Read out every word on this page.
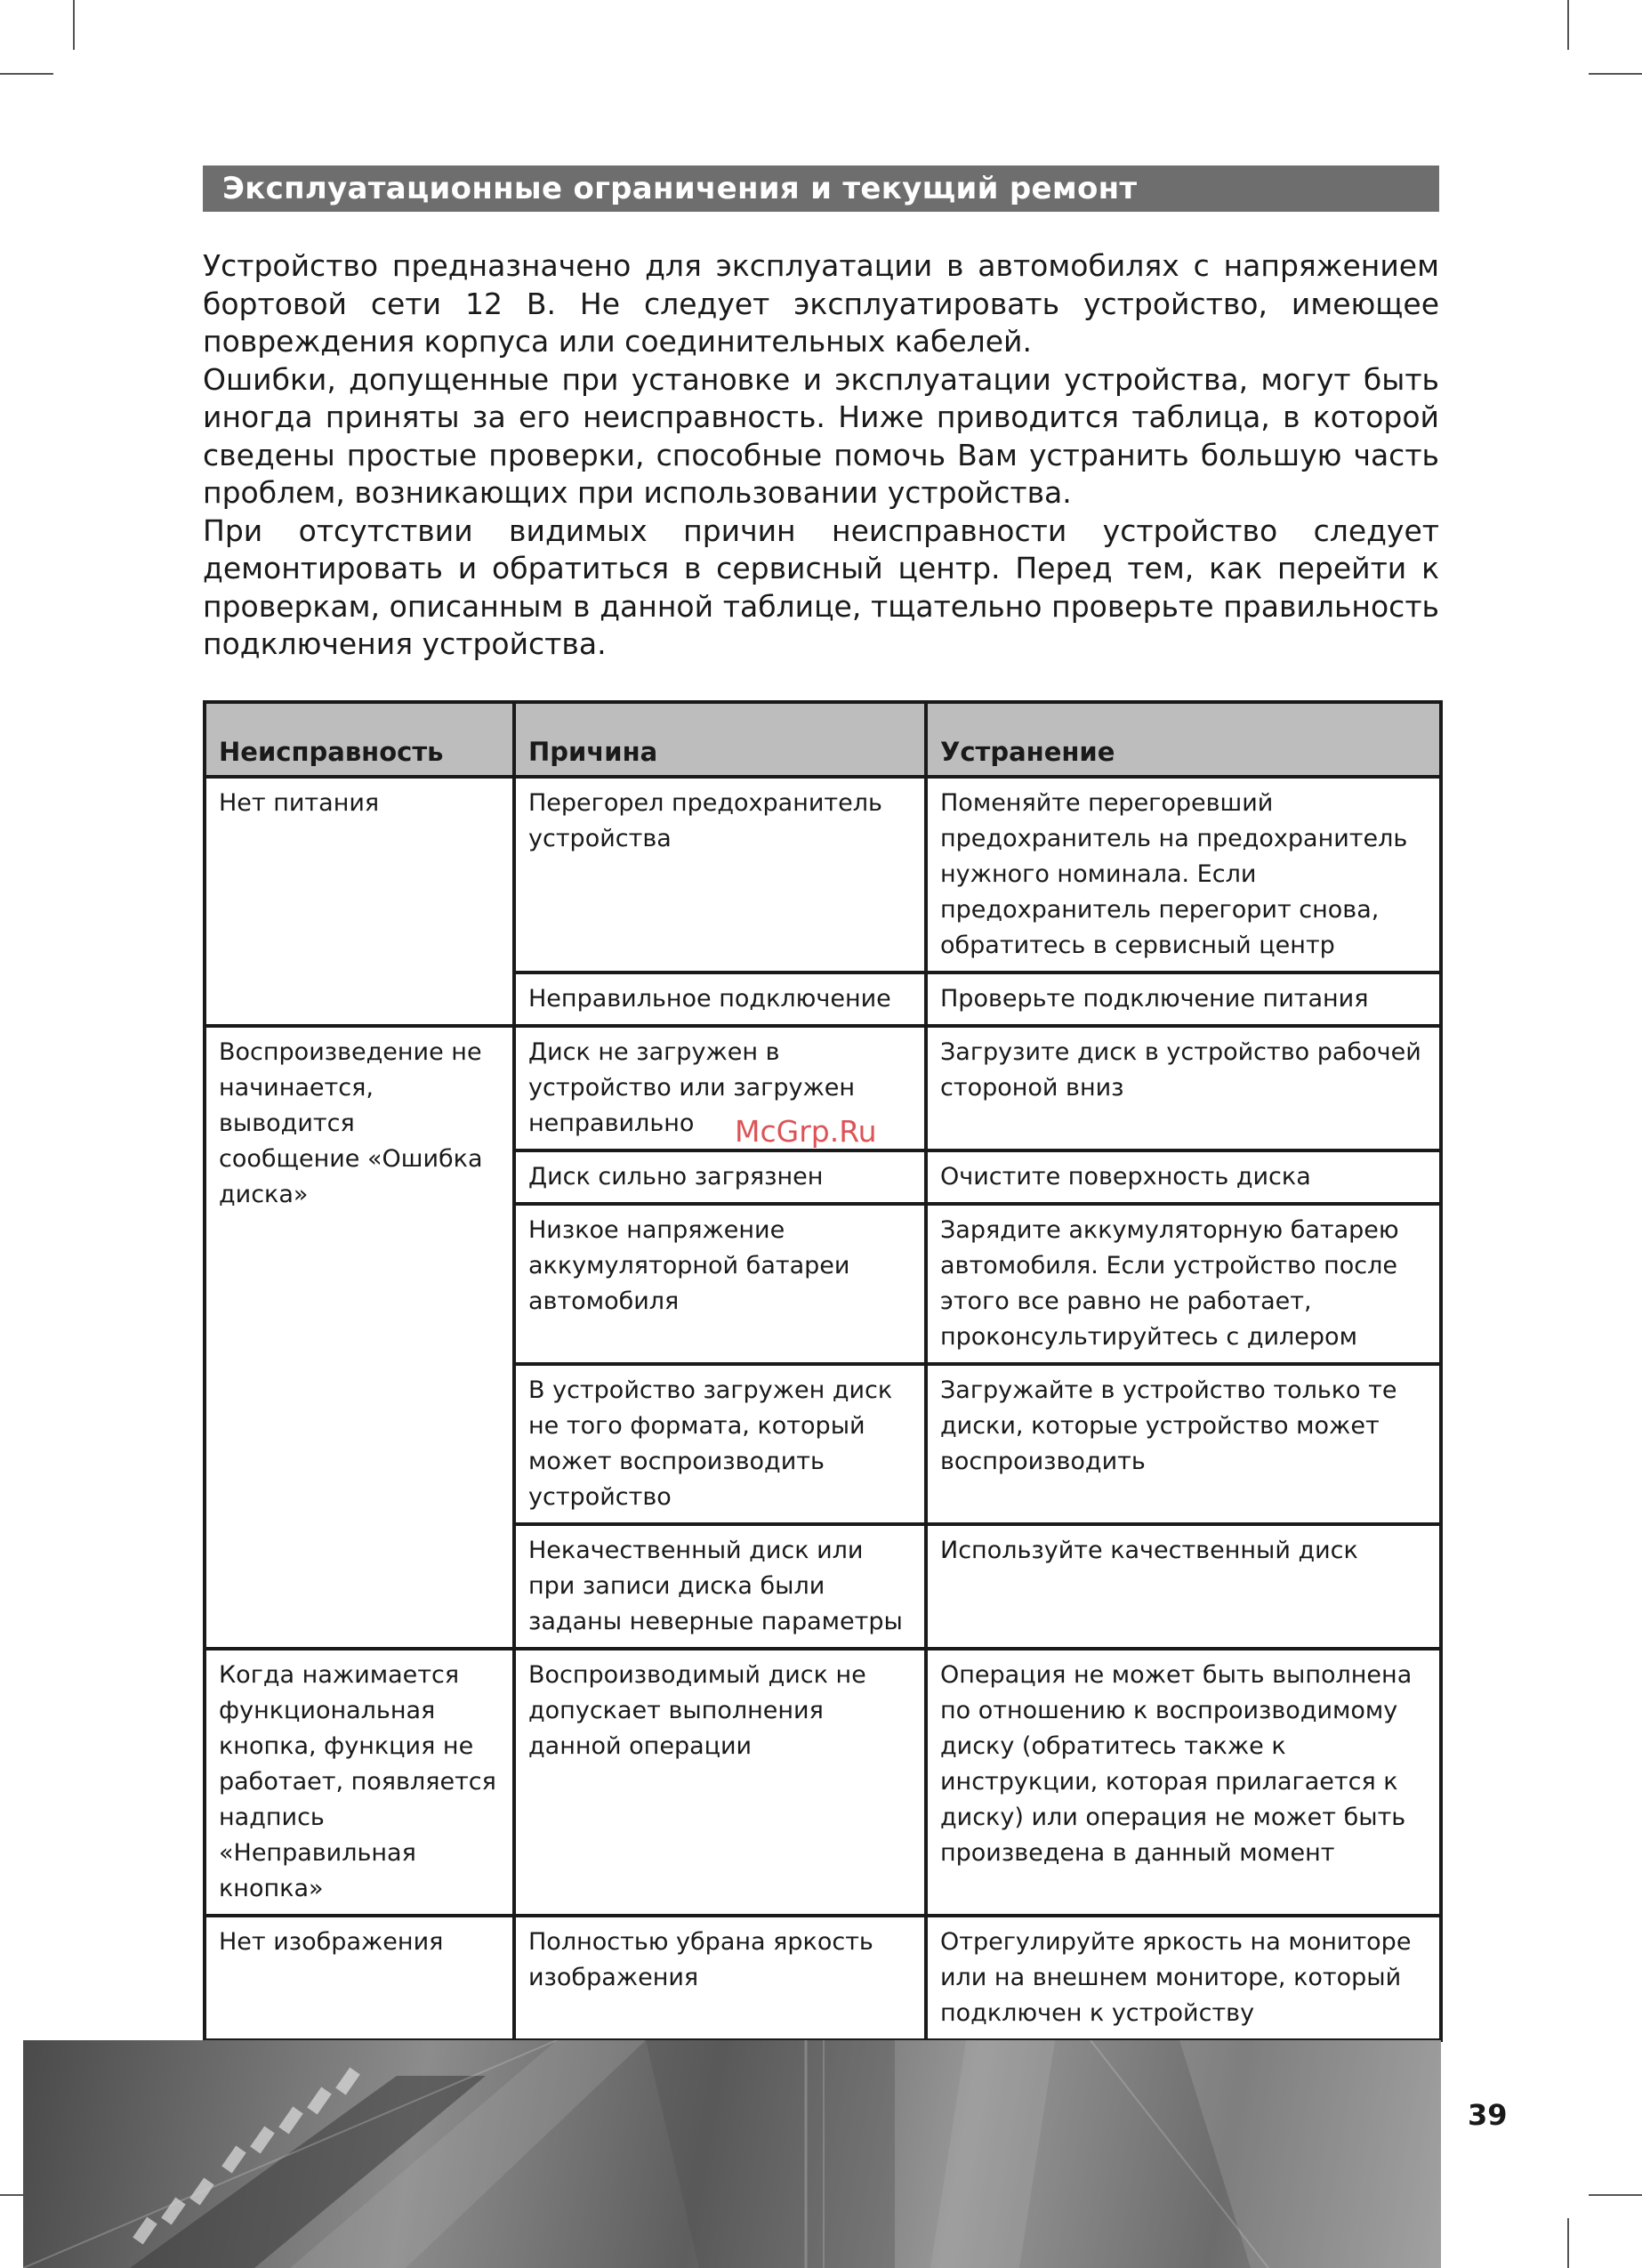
Эксплуатационные ограничения и текущий ремонт

Устройство предназначено для эксплуатации в автомобилях с напряжением бортовой сети 12 В. Не следует эксплуатировать устройство, имеющее повреждения корпуса или соединительных кабелей.

Ошибки, допущенные при установке и эксплуатации устройства, могут быть иногда приняты за его неисправность. Ниже приводится таблица, в которой сведены простые проверки, способные помочь Вам устранить большую часть проблем, возникающих при использовании устройства.

При отсутствии видимых причин неисправности устройство следует демонтировать и обратиться в сервисный центр. Перед тем, как перейти к проверкам, описанным в данной таблице, тщательно проверьте правильность подключения устройства.

Неисправность	Причина	Устранение
Нет питания	Перегорел предохранитель устройства	Поменяйте перегоревший предохранитель на предохранитель нужного номинала. Если предохранитель перегорит снова, обратитесь в сервисный центр
	Неправильное подключение	Проверьте подключение питания
Воспроизведение не начинается, выводится сообщение «Ошибка диска»	Диск не загружен в устройство или загружен неправильно	Загрузите диск в устройство рабочей стороной вниз
	Диск сильно загрязнен	Очистите поверхность диска
	Низкое напряжение аккумуляторной батареи автомобиля	Зарядите аккумуляторную батарею автомобиля. Если устройство после этого все равно не работает, проконсультируйтесь с дилером
	В устройство загружен диск не того формата, который может воспроизводить устройство	Загружайте в устройство только те диски, которые устройство может воспроизводить
	Некачественный диск или при записи диска были заданы неверные параметры	Используйте качественный диск
Когда нажимается функциональная кнопка, функция не работает, появляется надпись «Неправильная кнопка»	Воспроизводимый диск не допускает выполнения данной операции	Операция не может быть выполнена по отношению к воспроизводимому диску (обратитесь также к инструкции, которая прилагается к диску) или операция не может быть произведена в данный момент
Нет изображения	Полностью убрана яркость изображения	Отрегулируйте яркость на мониторе или на внешнем мониторе, который подключен к устройству
McGrp.Ru
39
